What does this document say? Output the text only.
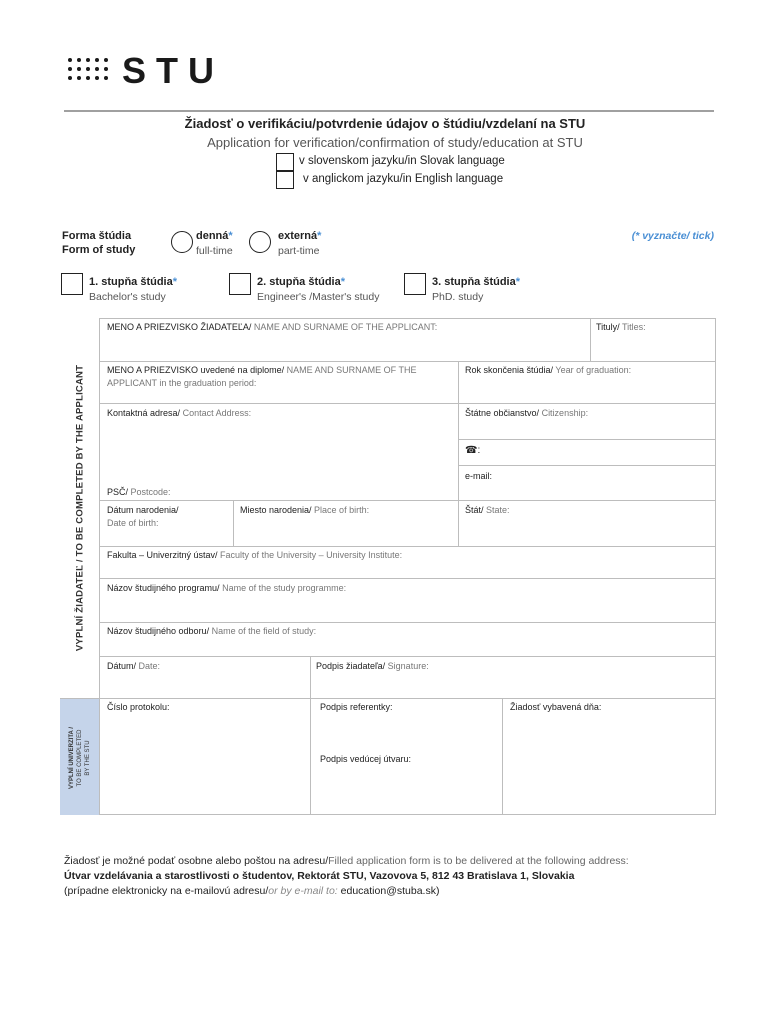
STU
Žiadosť o verifikáciu/potvrdenie údajov o štúdiu/vzdelaní na STU
Application for verification/confirmation of study/education at STU
v slovenskom jazyku/in Slovak language
v anglickom jazyku/in English language
Forma štúdia
Form of study
denná*
full-time
externá*
part-time
(* vyznačte/ tick)
1. stupňa štúdia*
Bachelor's study
2. stupňa štúdia*
Engineer's /Master's study
3. stupňa štúdia*
PhD. study
VYPLNÍ ŽIADATEĽ / TO BE COMPLETED BY THE APPLICANT
VYPLNÍ UNIVERZITA / TO BE COMPLETED BY THE STU
MENO A PRIEZVISKO ŽIADATEĽA/ NAME AND SURNAME OF THE APPLICANT:	Tituly/ Titles:
MENO A PRIEZVISKO uvedené na diplome/ NAME AND SURNAME OF THE APPLICANT in the graduation period:
Rok skončenia štúdia/ Year of graduation:
Kontaktná adresa/ Contact Address:	Štátne občianstvo/ Citizenship:
☎:
e-mail:
PSČ/ Postcode:
Dátum narodenia/
Date of birth:
Miesto narodenia/ Place of birth:	Štát/ State:
Fakulta – Univerzitný ústav/ Faculty of the University – University Institute:
Názov študijného programu/ Name of the study programme:
Názov študijného odboru/ Name of the field of study:
Dátum/ Date:	Podpis žiadateľa/ Signature:
Číslo protokolu:	Podpis referentky:	Žiadosť vybavená dňa:
Podpis vedúcej útvaru:
Žiadosť je možné podať osobne alebo poštou na adresu/Filled application form is to be delivered at the following address:
Útvar vzdelávania a starostlivosti o študentov, Rektorát STU, Vazovova 5, 812 43 Bratislava 1, Slovakia
(prípadne elektronicky na e-mailovú adresu/or by e-mail to: education@stuba.sk)
